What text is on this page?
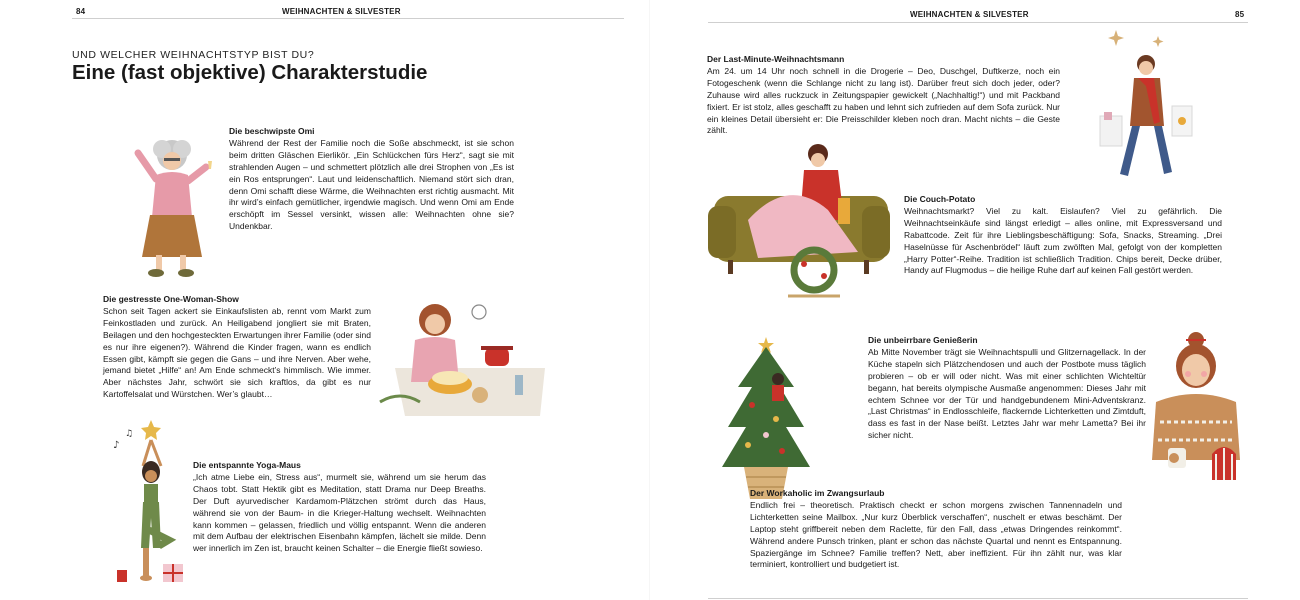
84	WEIHNACHTEN & SILVESTER
UND WELCHER WEIHNACHTSTYP BIST DU?
Eine (fast objektive) Charakterstudie
Die beschwipste Omi
Während der Rest der Familie noch die Soße abschmeckt, ist sie schon beim dritten Gläschen Eierlikör. „Ein Schlückchen fürs Herz“, sagt sie mit strahlenden Augen – und schmettert plötzlich alle drei Strophen von „Es ist ein Ros entsprungen“. Laut und leidenschaftlich. Niemand stört sich dran, denn Omi schafft diese Wärme, die Weihnachten erst richtig ausmacht. Mit ihr wird’s einfach gemütlicher, irgendwie magisch. Und wenn Omi am Ende erschöpft im Sessel versinkt, wissen alle: Weihnachten ohne sie? Undenkbar.
Die gestresste One-Woman-Show
Schon seit Tagen ackert sie Einkaufslisten ab, rennt vom Markt zum Feinkostladen und zurück. An Heiligabend jongliert sie mit Braten, Beilagen und den hochgesteckten Erwartungen ihrer Familie (oder sind es nur ihre eigenen?). Während die Kinder fragen, wann es endlich Essen gibt, kämpft sie gegen die Gans – und ihre Nerven. Aber wehe, jemand bietet „Hilfe“ an! Am Ende schmeckt’s himmlisch. Wie immer. Aber nächstes Jahr, schwört sie sich kraftlos, da gibt es nur Kartoffelsalat und Würstchen. Wer’s glaubt…
♪
♫
Die entspannte Yoga-Maus
„Ich atme Liebe ein, Stress aus“, murmelt sie, während um sie herum das Chaos tobt. Statt Hektik gibt es Meditation, statt Drama nur Deep Breaths. Der Duft ayurvedischer Kardamom-Plätzchen strömt durch das Haus, während sie von der Baum- in die Krieger-Haltung wechselt. Weihnachten kann kommen – gelassen, friedlich und völlig entspannt. Wenn die anderen mit dem Aufbau der elektrischen Eisenbahn kämpfen, lächelt sie milde. Denn wer innerlich im Zen ist, braucht keinen Schalter – die Energie fließt sowieso.
WEIHNACHTEN & SILVESTER	85
Der Last-Minute-Weihnachtsmann
Am 24. um 14 Uhr noch schnell in die Drogerie – Deo, Duschgel, Duftkerze, noch ein Fotogeschenk (wenn die Schlange nicht zu lang ist). Darüber freut sich doch jeder, oder? Zuhause wird alles ruckzuck in Zeitungspapier gewickelt („Nachhaltig!“) und mit Packband fixiert. Er ist stolz, alles geschafft zu haben und lehnt sich zufrieden auf dem Sofa zurück. Nur ein kleines Detail übersieht er: Die Preisschilder kleben noch dran. Macht nichts – die Geste zählt.
Die Couch-Potato
Weihnachtsmarkt? Viel zu kalt. Eislaufen? Viel zu gefährlich. Die Weihnachtseinkäufe sind längst erledigt – alles online, mit Expressversand und Rabattcode. Zeit für ihre Lieblingsbeschäftigung: Sofa, Snacks, Streaming. „Drei Haselnüsse für Aschenbrödel“ läuft zum zwölften Mal, gefolgt von der kompletten „Harry Potter“-Reihe. Tradition ist schließlich Tradition. Chips bereit, Decke drüber, Handy auf Flugmodus – die heilige Ruhe darf auf keinen Fall gestört werden.
Die unbeirrbare Genießerin
Ab Mitte November trägt sie Weihnachtspulli und Glitzernagellack. In der Küche stapeln sich Plätzchendosen und auch der Postbote muss täglich probieren – ob er will oder nicht. Was mit einer schlichten Wichteltür begann, hat bereits olympische Ausmaße angenommen: Dieses Jahr mit echtem Schnee vor der Tür und handgebundenem Mini-Adventskranz. „Last Christmas“ in Endlosschleife, flackernde Lichterketten und Zimtduft, dass es fast in der Nase beißt. Letztes Jahr war mehr Lametta? Bei ihr sicher nicht.
Der Workaholic im Zwangsurlaub
Endlich frei – theoretisch. Praktisch checkt er schon morgens zwischen Tannennadeln und Lichterketten seine Mailbox. „Nur kurz Überblick verschaffen“, nuschelt er etwas beschämt. Der Laptop steht griffbereit neben dem Raclette, für den Fall, dass „etwas Dringendes reinkommt“. Während andere Punsch trinken, plant er schon das nächste Quartal und nennt es Entspannung. Spaziergänge im Schnee? Familie treffen? Nett, aber ineffizient. Für ihn zählt nur, was klar terminiert, kontrolliert und budgetiert ist.
